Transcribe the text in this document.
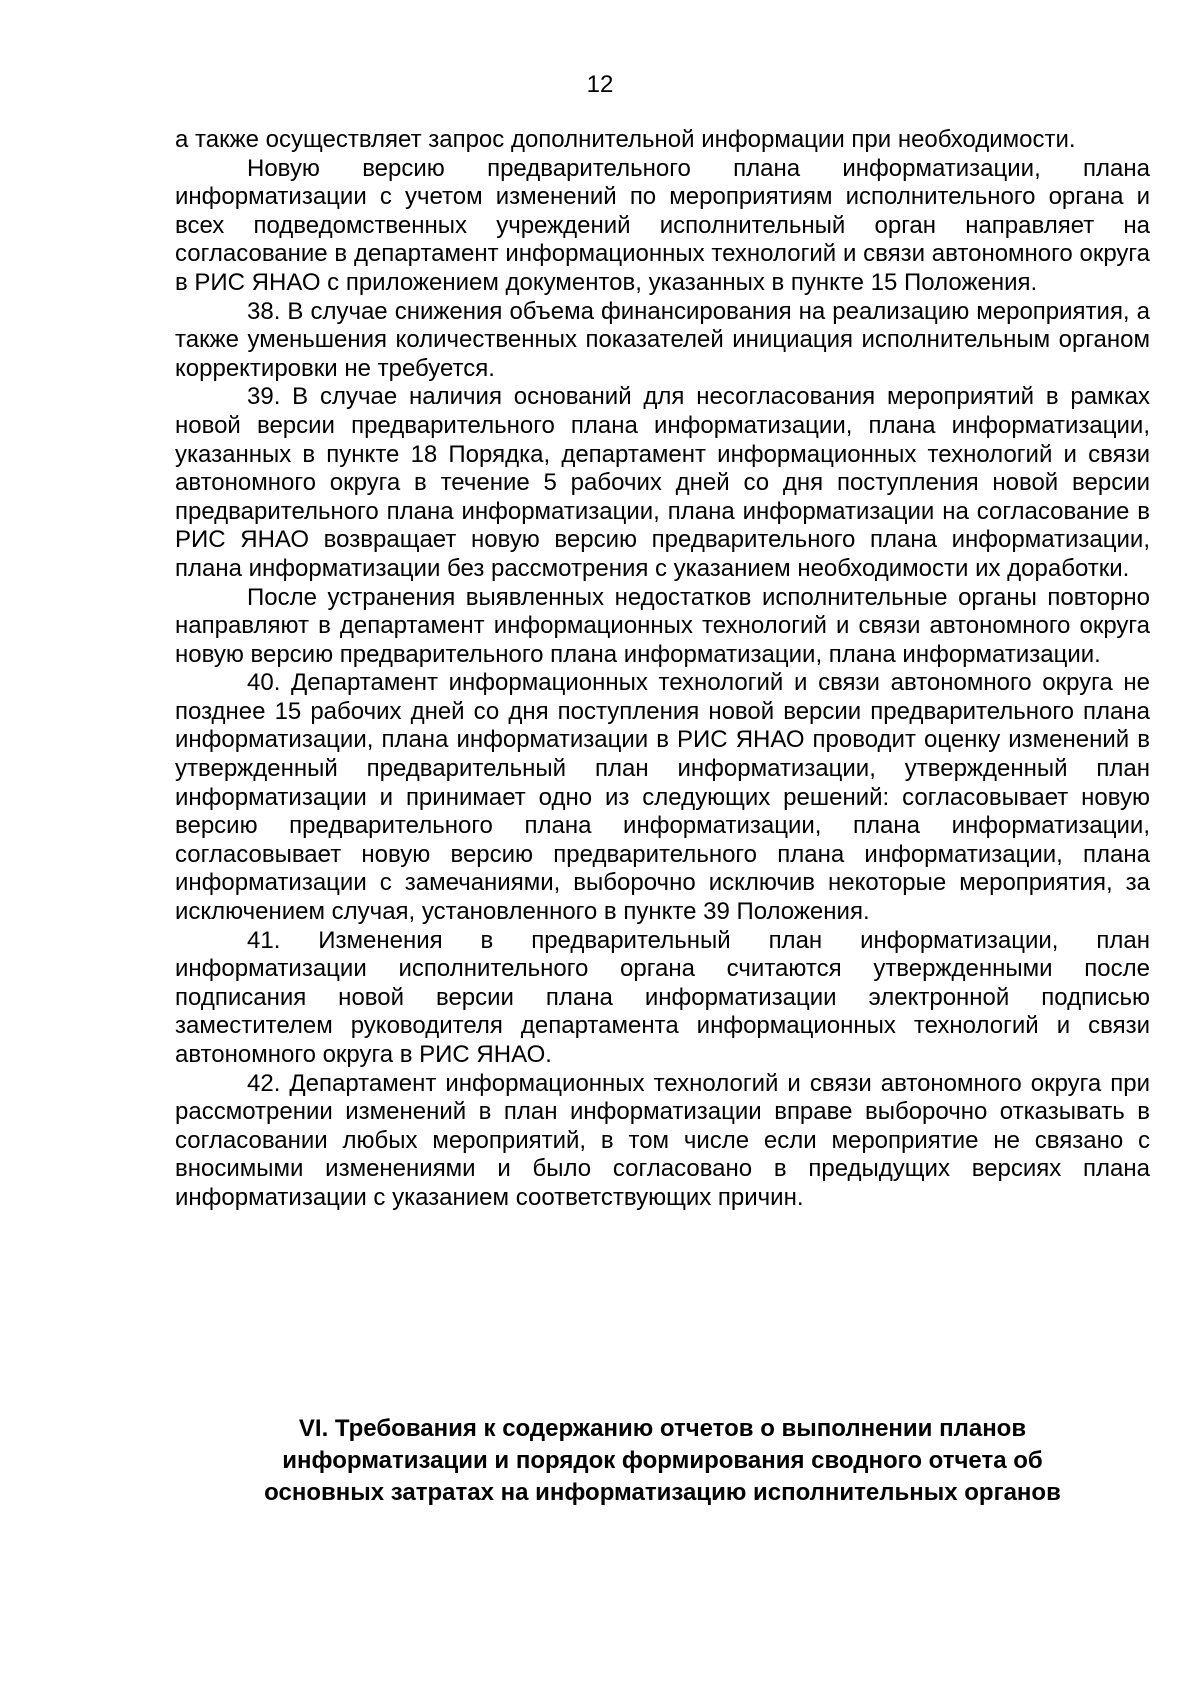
12

а также осуществляет запрос дополнительной информации при необходимости.

Новую версию предварительного плана информатизации, плана информатизации с учетом изменений по мероприятиям исполнительного органа и всех подведомственных учреждений исполнительный орган направляет на согласование в департамент информационных технологий и связи автономного округа в РИС ЯНАО с приложением документов, указанных в пункте 15 Положения.

38. В случае снижения объема финансирования на реализацию мероприятия, а также уменьшения количественных показателей инициация исполнительным органом корректировки не требуется.

39. В случае наличия оснований для несогласования мероприятий в рамках новой версии предварительного плана информатизации, плана информатизации, указанных в пункте 18 Порядка, департамент информационных технологий и связи автономного округа в течение 5 рабочих дней со дня поступления новой версии предварительного плана информатизации, плана информатизации на согласование в РИС ЯНАО возвращает новую версию предварительного плана информатизации, плана информатизации без рассмотрения с указанием необходимости их доработки.

После устранения выявленных недостатков исполнительные органы повторно направляют в департамент информационных технологий и связи автономного округа новую версию предварительного плана информатизации, плана информатизации.

40. Департамент информационных технологий и связи автономного округа не позднее 15 рабочих дней со дня поступления новой версии предварительного плана информатизации, плана информатизации в РИС ЯНАО проводит оценку изменений в утвержденный предварительный план информатизации, утвержденный план информатизации и принимает одно из следующих решений: согласовывает новую версию предварительного плана информатизации, плана информатизации, согласовывает новую версию предварительного плана информатизации, плана информатизации с замечаниями, выборочно исключив некоторые мероприятия, за исключением случая, установленного в пункте 39 Положения.

41. Изменения в предварительный план информатизации, план информатизации исполнительного органа считаются утвержденными после подписания новой версии плана информатизации электронной подписью заместителем руководителя департамента информационных технологий и связи автономного округа в РИС ЯНАО.

42. Департамент информационных технологий и связи автономного округа при рассмотрении изменений в план информатизации вправе выборочно отказывать в согласовании любых мероприятий, в том числе если мероприятие не связано с вносимыми изменениями и было согласовано в предыдущих версиях плана информатизации с указанием соответствующих причин.

VI. Требования к содержанию отчетов о выполнении планов
информатизации и порядок формирования сводного отчета об
основных затратах на информатизацию исполнительных органов
